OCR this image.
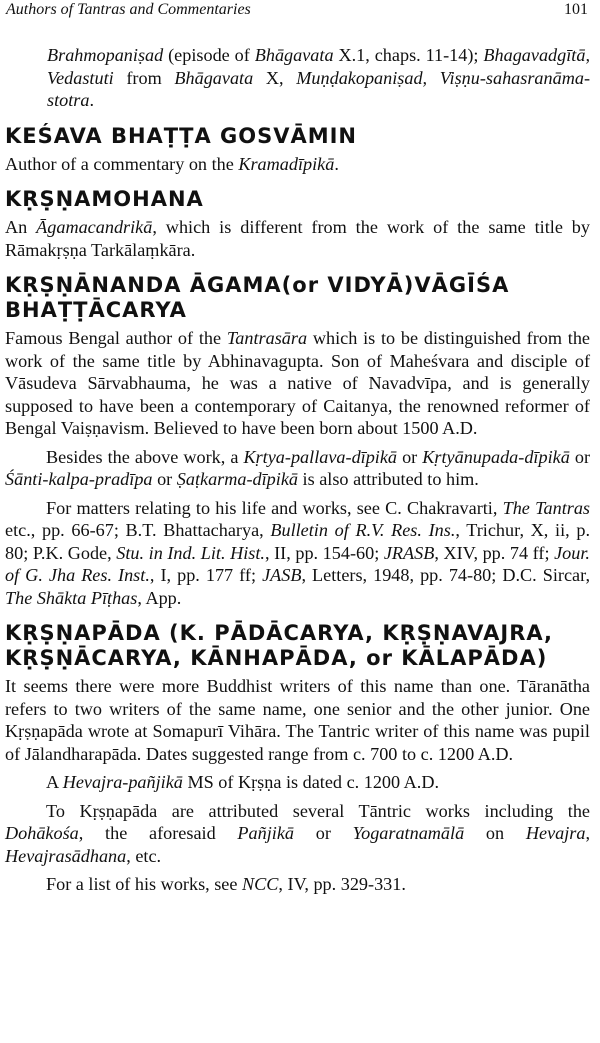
Authors of Tantras and Commentaries	101

Brahmopaniṣad (episode of Bhāgavata X.1, chaps. 11-14); Bhagavadgītā, Vedastuti from Bhāgavata X, Muṇḍakopaniṣad, Viṣṇu-sahasranāma-stotra.

KEŚAVA BHAṬṬA GOSVĀMIN

Author of a commentary on the Kramadīpikā.

KṚṢṆAMOHANA

An Āgamacandrikā, which is different from the work of the same title by Rāmakṛṣṇa Tarkālaṃkāra.

KṚṢṆĀNANDA ĀGAMA(or VIDYĀ)VĀGĪŚA BHAṬṬĀCARYA

Famous Bengal author of the Tantrasāra which is to be distinguished from the work of the same title by Abhinavagupta. Son of Maheśvara and disciple of Vāsudeva Sārvabhauma, he was a native of Navadvīpa, and is generally supposed to have been a contemporary of Caitanya, the renowned reformer of Bengal Vaiṣṇavism. Believed to have been born about 1500 A.D.

Besides the above work, a Kṛtya-pallava-dīpikā or Kṛtyānupada-dīpikā or Śānti-kalpa-pradīpa or Ṣaṭkarma-dīpikā is also attributed to him.

For matters relating to his life and works, see C. Chakravarti, The Tantras etc., pp. 66-67; B.T. Bhattacharya, Bulletin of R.V. Res. Ins., Trichur, X, ii, p. 80; P.K. Gode, Stu. in Ind. Lit. Hist., II, pp. 154-60; JRASB, XIV, pp. 74 ff; Jour. of G. Jha Res. Inst., I, pp. 177 ff; JASB, Letters, 1948, pp. 74-80; D.C. Sircar, The Shākta Pīṭhas, App.

KṚṢṆAPĀDA (K. PĀDĀCARYA, KṚṢṆAVAJRA, KṚṢṆĀCARYA, KĀNHAPĀDA, or KĀLAPĀDA)

It seems there were more Buddhist writers of this name than one. Tāranātha refers to two writers of the same name, one senior and the other junior. One Kṛṣṇapāda wrote at Somapurī Vihāra. The Tantric writer of this name was pupil of Jālandharapāda. Dates suggested range from c. 700 to c. 1200 A.D.

A Hevajra-pañjikā MS of Kṛṣṇa is dated c. 1200 A.D.

To Kṛṣṇapāda are attributed several Tāntric works including the Dohākośa, the aforesaid Pañjikā or Yogaratnamālā on Hevajra, Hevajrasādhana, etc.

For a list of his works, see NCC, IV, pp. 329-331.
